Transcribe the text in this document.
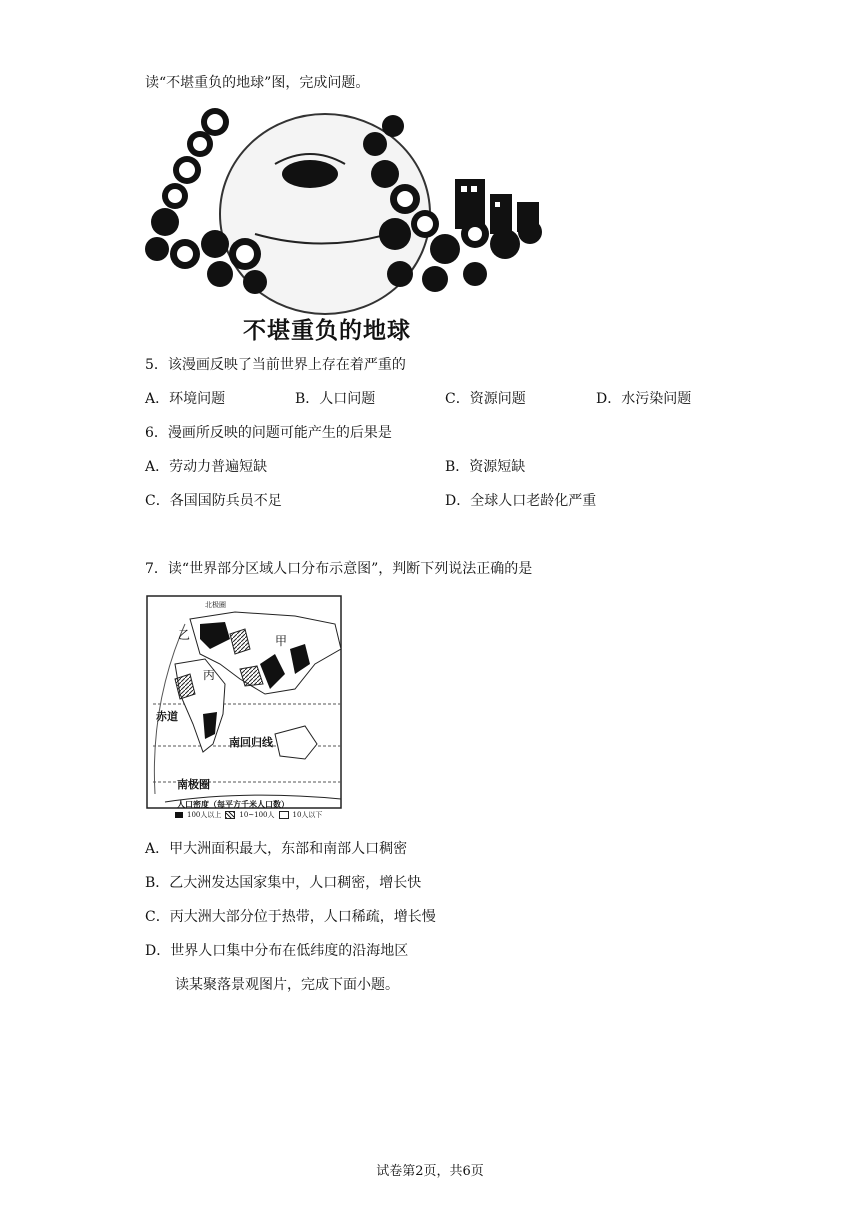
读“不堪重负的地球”图，完成问题。
不堪重负的地球
5．该漫画反映了当前世界上存在着严重的
A．环境问题	B．人口问题	C．资源问题	D．水污染问题
6．漫画所反映的问题可能产生的后果是
A．劳动力普遍短缺	B．资源短缺
C．各国国防兵员不足	D．全球人口老龄化严重
7．读“世界部分区域人口分布示意图”，判断下列说法正确的是
甲
乙
丙
赤道
南回归线
南极圈
北极圈
人口密度（每平方千米人口数）
100人以上	10~100人	10人以下
A．甲大洲面积最大，东部和南部人口稠密
B．乙大洲发达国家集中，人口稠密，增长快
C．丙大洲大部分位于热带，人口稀疏，增长慢
D．世界人口集中分布在低纬度的沿海地区
读某聚落景观图片，完成下面小题。
试卷第2页，共6页
